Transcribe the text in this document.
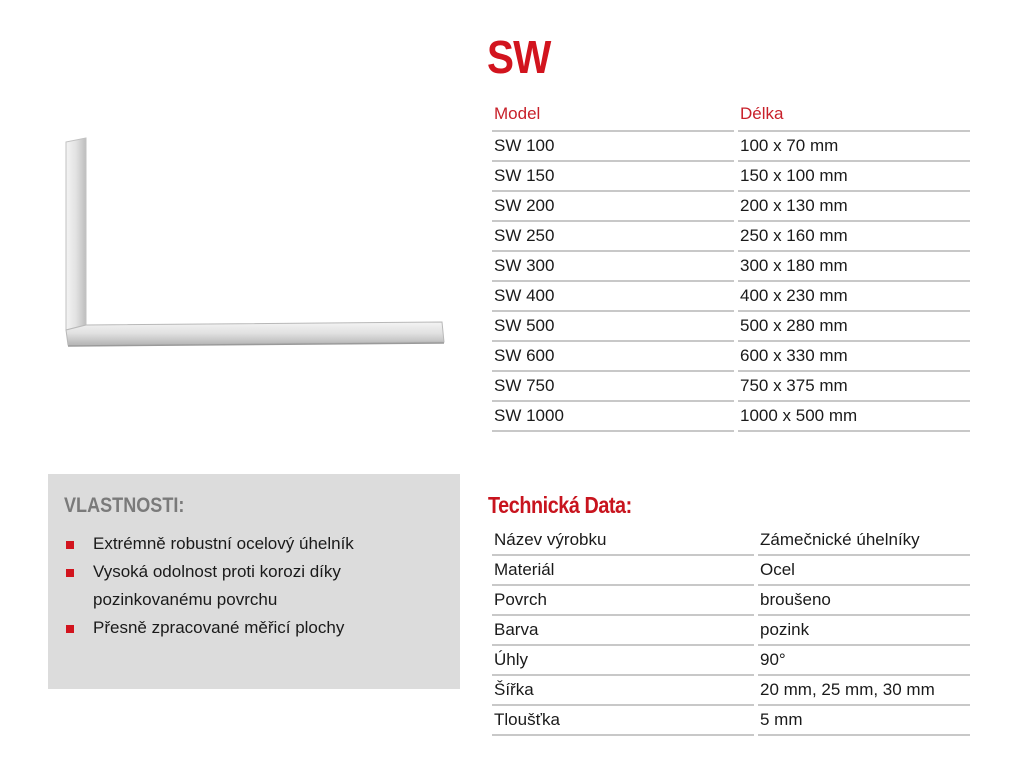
SW
Model	Délka
SW 100	100 x 70 mm
SW 150	150 x 100 mm
SW 200	200 x 130 mm
SW 250	250 x 160 mm
SW 300	300 x 180 mm
SW 400	400 x 230 mm
SW 500	500 x 280 mm
SW 600	600 x 330 mm
SW 750	750 x 375 mm
SW 1000	1000 x 500 mm
VLASTNOSTI:
Extrémně robustní ocelový úhelník
Vysoká odolnost proti korozi díky pozinkovanému povrchu
Přesně zpracované měřicí plochy
Technická Data:
Název výrobku	Zámečnické úhelníky
Materiál	Ocel
Povrch	broušeno
Barva	pozink
Úhly	90°
Šířka	20 mm, 25 mm, 30 mm
Tloušťka	5 mm
